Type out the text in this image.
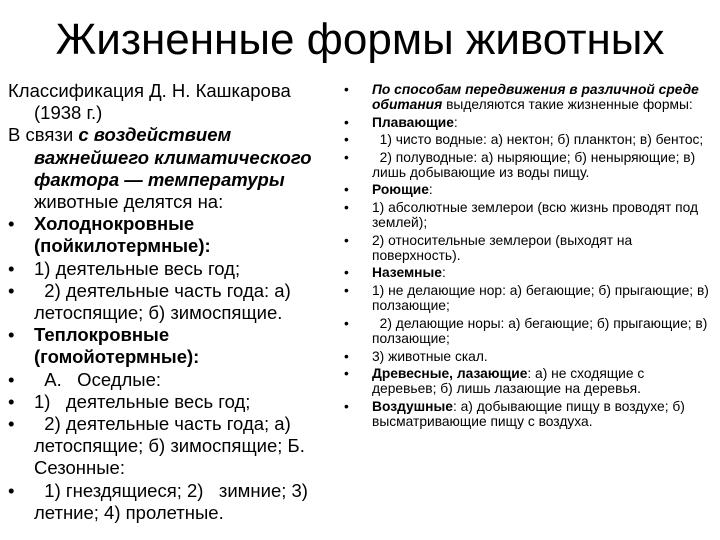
Жизненные формы животных
Классификация Д. Н. Кашкарова (1938 г.)
В связи с воздействием важнейшего климатического фактора — температуры животные делятся на:
• Холоднокровные (пойкилотермные):
• 1) деятельные весь год;
• 2) деятельные часть года: а) летоспящие; б) зимоспящие.
• Теплокровные (гомойотермные):
• А.   Оседлые:
• 1)   деятельные весь год;
• 2) деятельные часть года; а) летоспящие; б) зимоспящие; Б. Сезонные:
• 1) гнездящиеся; 2)   зимние; 3) летние; 4) пролетные.
• По способам передвижения в различной среде обитания выделяются такие жизненные формы:
• Плавающие:
• 1) чисто водные: а) нектон; б) планктон; в) бентос;
• 2) полуводные: а) ныряющие; б) неныряющие; в) лишь добывающие из воды пищу.
• Роющие:
• 1) абсолютные землерои (всю жизнь проводят под землей);
• 2) относительные землерои (выходят на поверхность).
• Наземные:
• 1) не делающие нор: а) бегающие; б) прыгающие; в) ползающие;
• 2) делающие норы: а) бегающие; б) прыгающие; в) ползающие;
• 3) животные скал.
• Древесные, лазающие: а) не сходящие с деревьев; б) лишь лазающие на деревья.
• Воздушные: а) добывающие пищу в воздухе; б) высматривающие пищу с воздуха.
